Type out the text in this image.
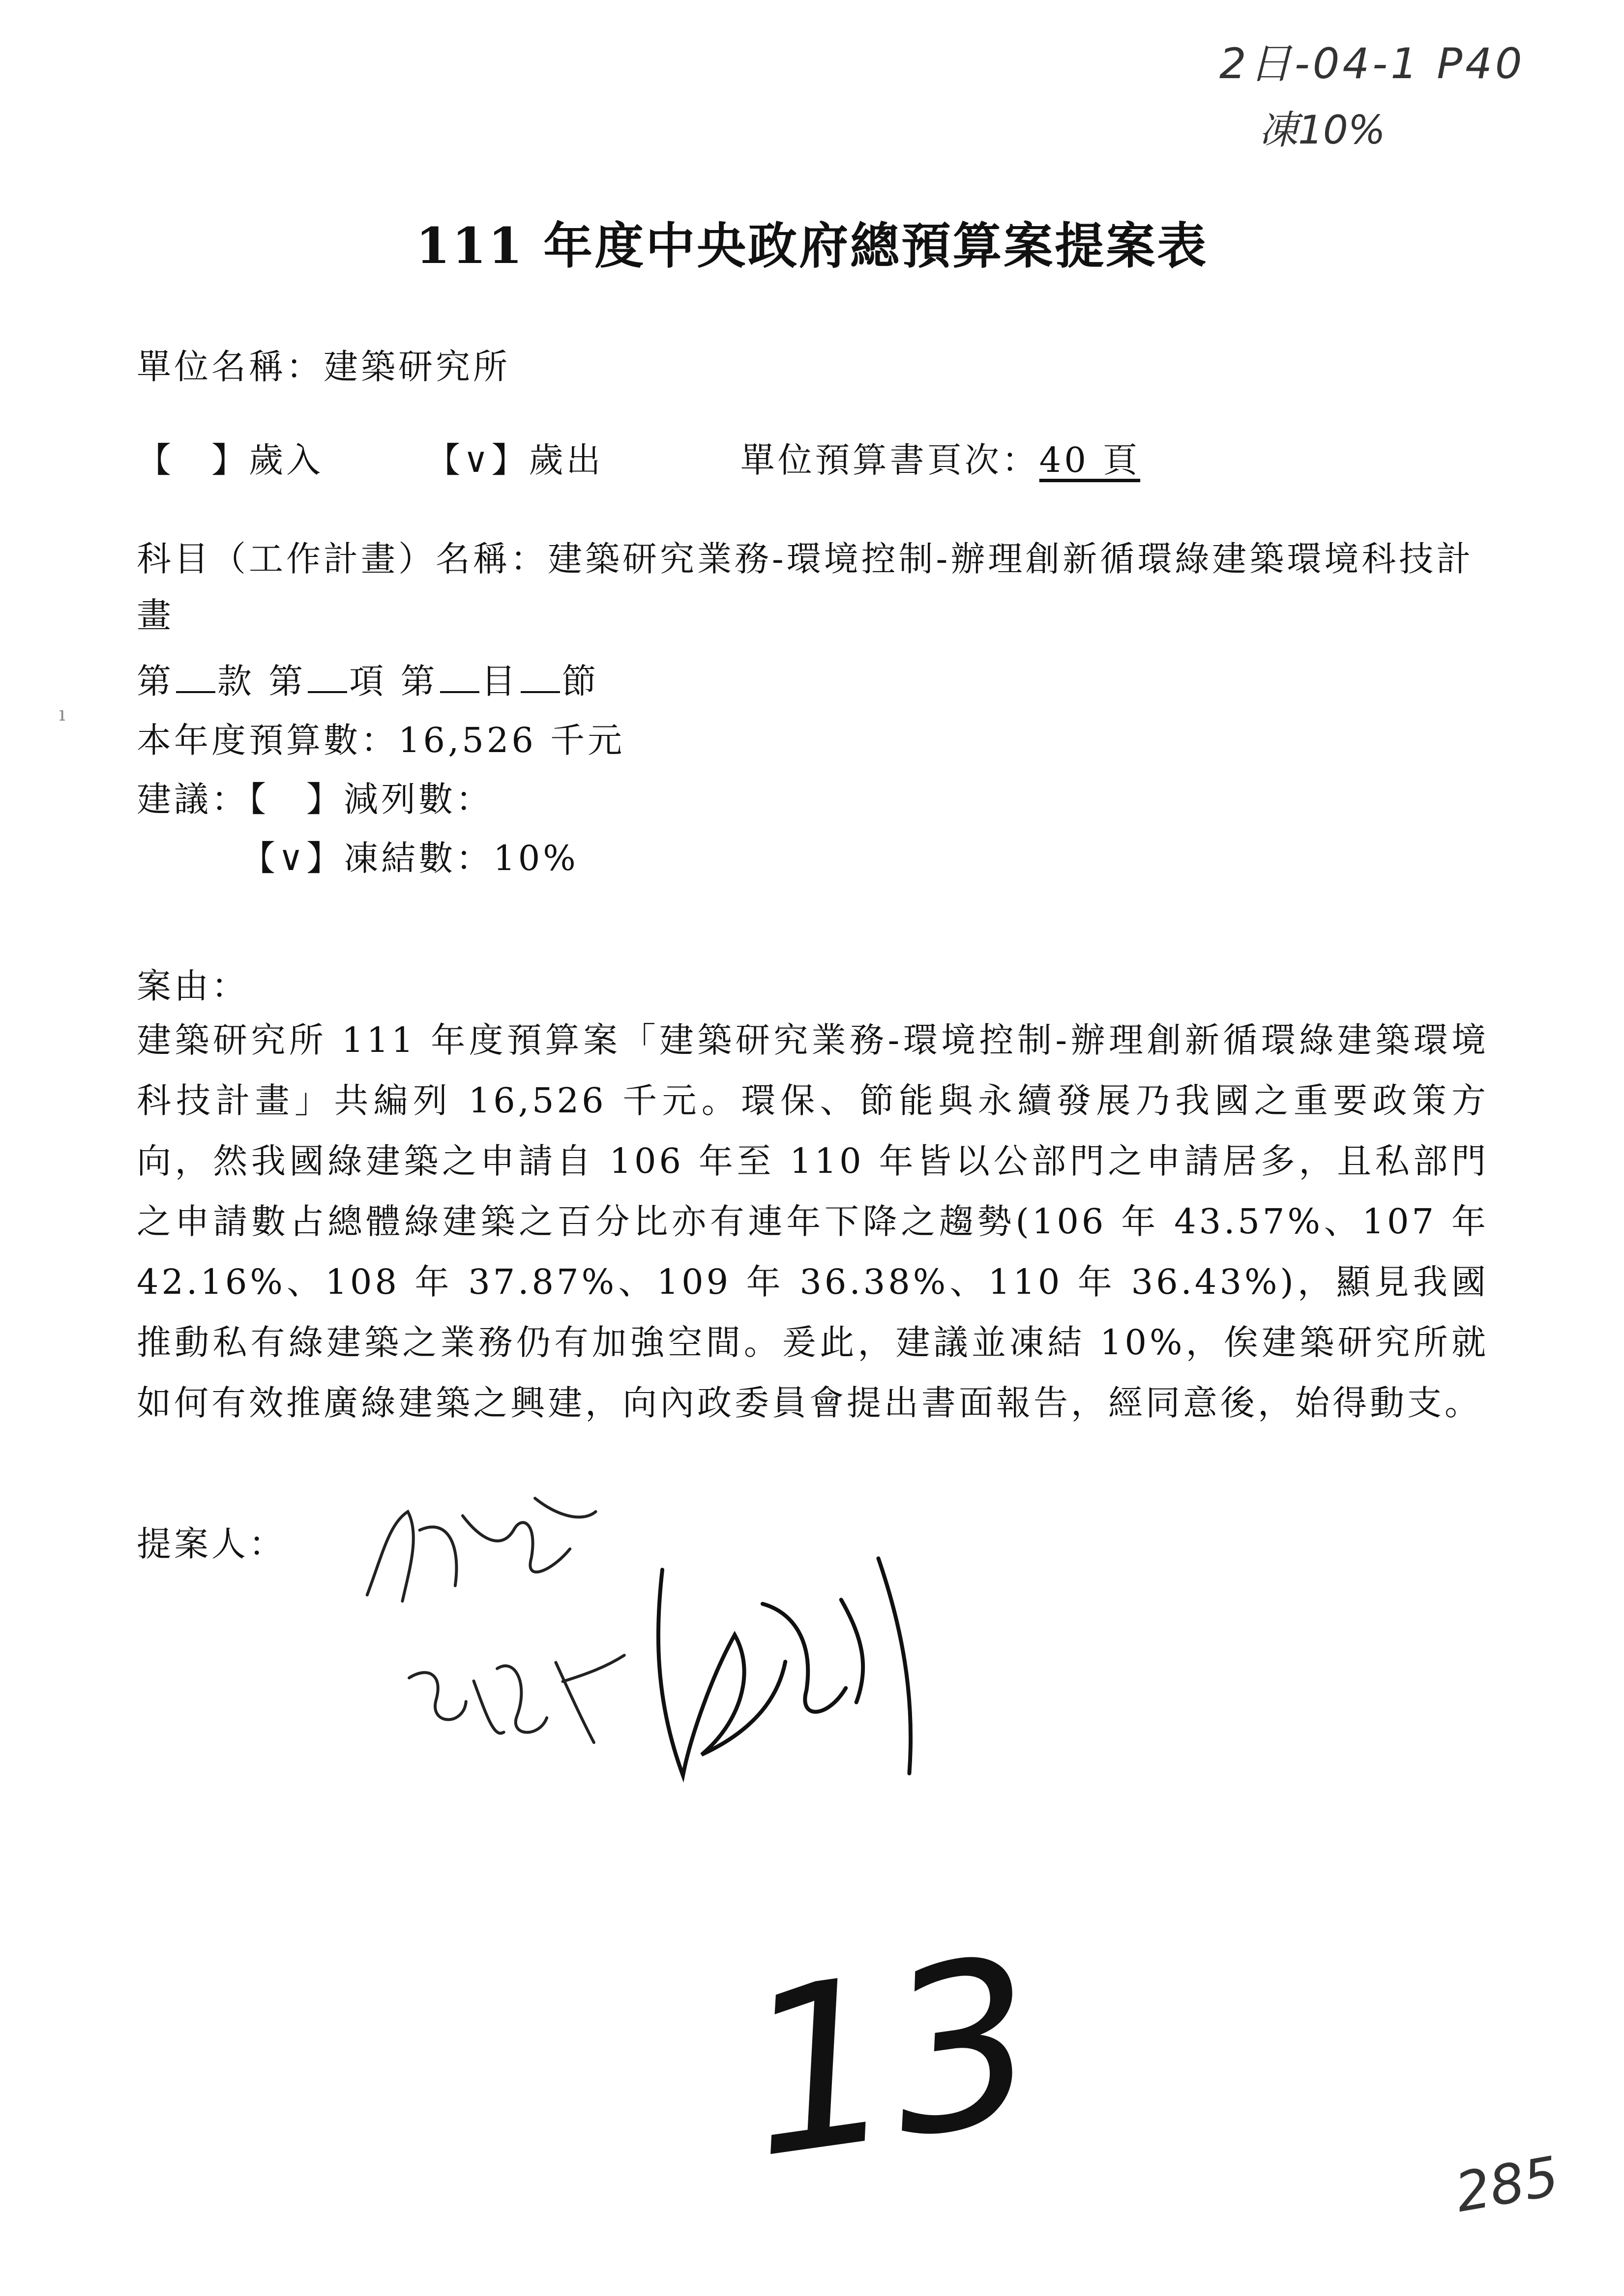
2日-04-1 P40
凍10%
111 年度中央政府總預算案提案表
單位名稱：建築研究所
【　】歲入	【∨】歲出	單位預算書頁次：40 頁
科目（工作計畫）名稱：建築研究業務-環境控制-辦理創新循環綠建築環境科技計畫
第 款 第 項 第 目 節
ı
本年度預算數：16,526 千元
建議：【　】減列數：
【∨】凍結數：10%
案由：
建築研究所 111 年度預算案「建築研究業務-環境控制-辦理創新循環綠建築環境科技計畫」共編列 16,526 千元。環保、節能與永續發展乃我國之重要政策方向，然我國綠建築之申請自 106 年至 110 年皆以公部門之申請居多，且私部門之申請數占總體綠建築之百分比亦有連年下降之趨勢(106 年 43.57%、107 年 42.16%、108 年 37.87%、109 年 36.38%、110 年 36.43%)，顯見我國推動私有綠建築之業務仍有加強空間。爰此，建議並凍結 10%，俟建築研究所就如何有效推廣綠建築之興建，向內政委員會提出書面報告，經同意後，始得動支。
提案人：
13	285
